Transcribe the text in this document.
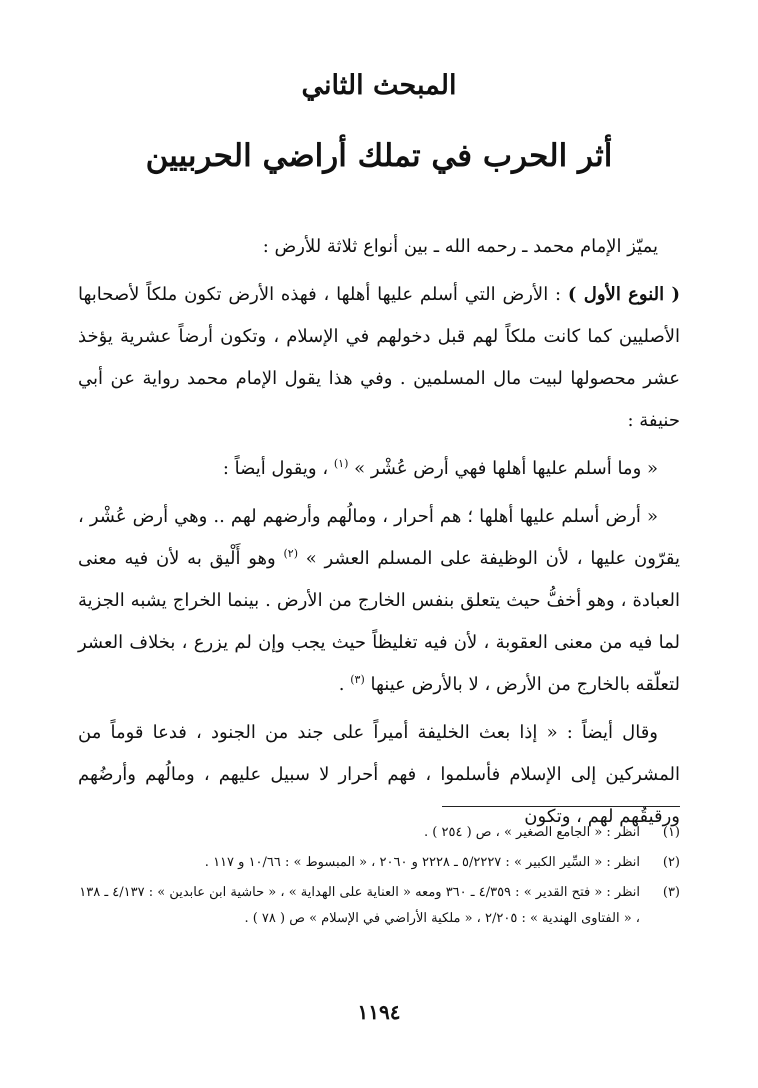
المبحث الثاني
أثر الحرب في تملك أراضي الحربيين

يميّز الإمام محمد ـ رحمه الله ـ بين أنواع ثلاثة للأرض :

( النوع الأول ) : الأرض التي أسلم عليها أهلها ، فهذه الأرض تكون ملكاً لأصحابها الأصليين كما كانت ملكاً لهم قبل دخولهم في الإسلام ، وتكون أرضاً عشرية يؤخذ عشر محصولها لبيت مال المسلمين . وفي هذا يقول الإمام محمد رواية عن أبي حنيفة :

« وما أسلم عليها أهلها فهي أرض عُشْر » $^{(١)}$ ، ويقول أيضاً :

« أرض أسلم عليها أهلها ؛ هم أحرار ، ومالُهم وأرضهم لهم .. وهي أرض عُشْر ، يقرّون عليها ، لأن الوظيفة على المسلم العشر » $^{(٢)}$ وهو أَلْيق به لأن فيه معنى العبادة ، وهو أخفُّ حيث يتعلق بنفس الخارج من الأرض . بينما الخراج يشبه الجزية لما فيه من معنى العقوبة ، لأن فيه تغليظاً حيث يجب وإن لم يزرع ، بخلاف العشر لتعلّقه بالخارج من الأرض ، لا بالأرض عينها $^{(٣)}$ .

وقال أيضاً : « إذا بعث الخليفة أميراً على جند من الجنود ، فدعا قوماً من المشركين إلى الإسلام فأسلموا ، فهم أحرار لا سبيل عليهم ، ومالُهم وأرضُهم ورقيقُهم لهم ، وتكون

(١)
انظر : « الجامع الصغير » ، ص ( ٢٥٤ ) .
(٢)
انظر : « السِّير الكبير » : ٥/٢٢٢٧ ـ ٢٢٢٨ و ٢٠٦٠ ، « المبسوط » : ١٠/٦٦ و ١١٧ .
(٣)
انظر : « فتح القدير » : ٤/٣٥٩ ـ ٣٦٠ ومعه « العناية على الهداية » ، « حاشية ابن عابدين » : ٤/١٣٧ ـ ١٣٨ ، « الفتاوى الهندية » : ٢/٢٠٥ ، « ملكية الأراضي في الإسلام » ص ( ٧٨ ) .
١١٩٤
